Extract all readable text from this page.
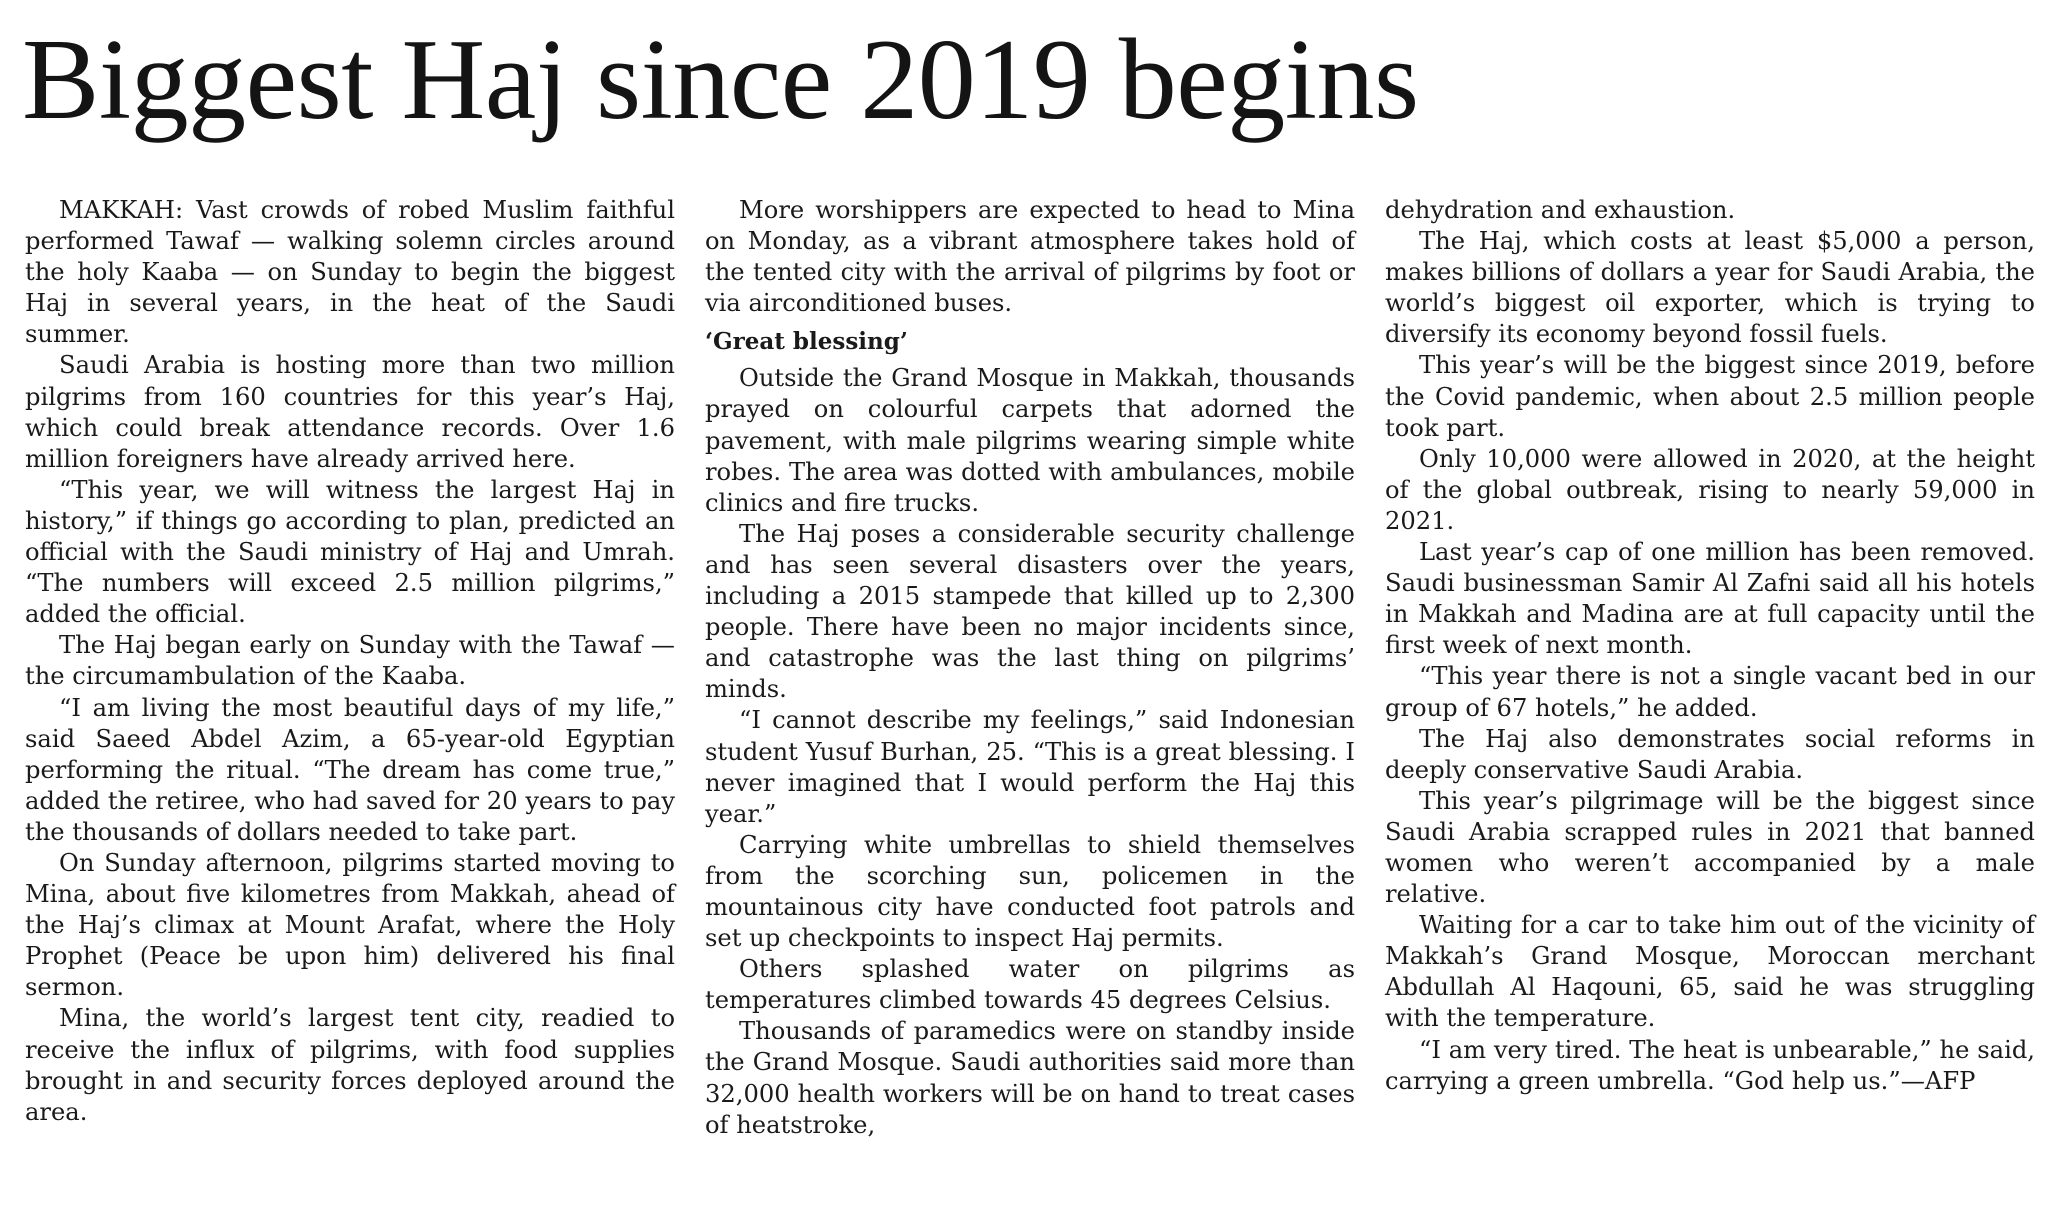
Biggest Haj since 2019 begins

MAKKAH: Vast crowds of robed Muslim faithful performed Tawaf — walking solemn circles around the holy Kaaba — on Sunday to begin the biggest Haj in several years, in the heat of the Saudi summer.

Saudi Arabia is hosting more than two million pilgrims from 160 countries for this year’s Haj, which could break attendance records. Over 1.6 million foreigners have already arrived here.

“This year, we will witness the largest Haj in history,” if things go according to plan, predicted an official with the Saudi ministry of Haj and Umrah. “The numbers will exceed 2.5 million pilgrims,” added the official.

The Haj began early on Sunday with the Tawaf — the circumambulation of the Kaaba.

“I am living the most beautiful days of my life,” said Saeed Abdel Azim, a 65-year-old Egyptian performing the ritual. “The dream has come true,” added the retiree, who had saved for 20 years to pay the thousands of dollars needed to take part.

On Sunday afternoon, pilgrims started moving to Mina, about five kilometres from Makkah, ahead of the Haj’s climax at Mount Arafat, where the Holy Prophet (Peace be upon him) delivered his final sermon.

Mina, the world’s largest tent city, readied to receive the influx of pilgrims, with food supplies brought in and security forces deployed around the area.

More worshippers are expected to head to Mina on Monday, as a vibrant atmosphere takes hold of the tented city with the arrival of pilgrims by foot or via airconditioned buses.

‘Great blessing’

Outside the Grand Mosque in Makkah, thousands prayed on colourful carpets that adorned the pavement, with male pilgrims wearing simple white robes. The area was dotted with ambulances, mobile clinics and fire trucks.

The Haj poses a considerable security challenge and has seen several disasters over the years, including a 2015 stampede that killed up to 2,300 people. There have been no major incidents since, and catastrophe was the last thing on pilgrims’ minds.

“I cannot describe my feelings,” said Indonesian student Yusuf Burhan, 25. “This is a great blessing. I never imagined that I would perform the Haj this year.”

Carrying white umbrellas to shield themselves from the scorching sun, policemen in the mountainous city have conducted foot patrols and set up checkpoints to inspect Haj permits.

Others splashed water on pilgrims as temperatures climbed towards 45 degrees Celsius.

Thousands of paramedics were on standby inside the Grand Mosque. Saudi authorities said more than 32,000 health workers will be on hand to treat cases of heatstroke,

dehydration and exhaustion.

The Haj, which costs at least $5,000 a person, makes billions of dollars a year for Saudi Arabia, the world’s biggest oil exporter, which is trying to diversify its economy beyond fossil fuels.

This year’s will be the biggest since 2019, before the Covid pandemic, when about 2.5 million people took part.

Only 10,000 were allowed in 2020, at the height of the global outbreak, rising to nearly 59,000 in 2021.

Last year’s cap of one million has been removed. Saudi businessman Samir Al Zafni said all his hotels in Makkah and Madina are at full capacity until the first week of next month.

“This year there is not a single vacant bed in our group of 67 hotels,” he added.

The Haj also demonstrates social reforms in deeply conservative Saudi Arabia.

This year’s pilgrimage will be the biggest since Saudi Arabia scrapped rules in 2021 that banned women who weren’t accompanied by a male relative.

Waiting for a car to take him out of the vicinity of Makkah’s Grand Mosque, Moroccan merchant Abdullah Al Haqouni, 65, said he was struggling with the temperature.

“I am very tired. The heat is unbearable,” he said, carrying a green umbrella. “God help us.”—AFP
